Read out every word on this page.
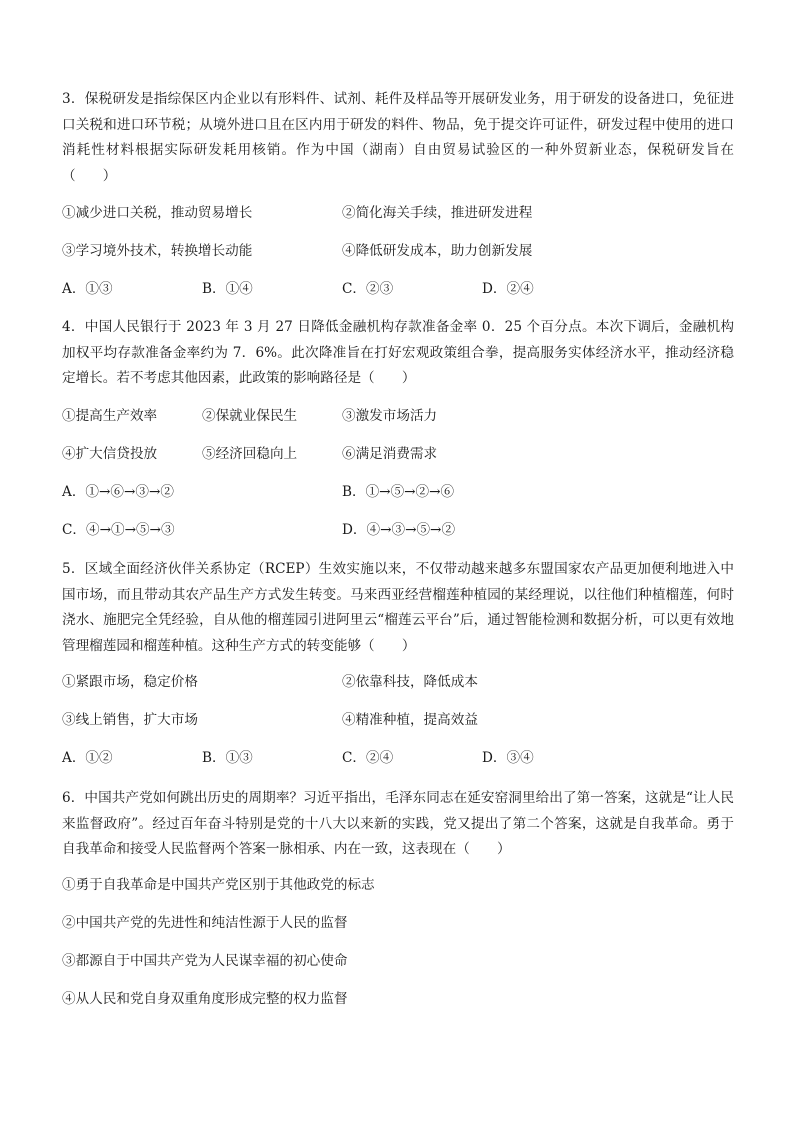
3．保税研发是指综保区内企业以有形料件、试剂、耗件及样品等开展研发业务，用于研发的设备进口，免征进口关税和进口环节税；从境外进口且在区内用于研发的料件、物品，免于提交许可证件，研发过程中使用的进口消耗性材料根据实际研发耗用核销。作为中国（湖南）自由贸易试验区的一种外贸新业态，保税研发旨在（　　）
①减少进口关税，推动贸易增长	②简化海关手续，推进研发进程
③学习境外技术，转换增长动能	④降低研发成本，助力创新发展
A．①③	B．①④	C．②③	D．②④
4．中国人民银行于 2023 年 3 月 27 日降低金融机构存款准备金率 0．25 个百分点。本次下调后，金融机构加权平均存款准备金率约为 7．6%。此次降准旨在打好宏观政策组合拳，提高服务实体经济水平，推动经济稳定增长。若不考虑其他因素，此政策的影响路径是（　　）
①提高生产效率	②保就业保民生	③激发市场活力
④扩大信贷投放	⑤经济回稳向上	⑥满足消费需求
A．①→⑥→③→②	B．①→⑤→②→⑥
C．④→①→⑤→③	D．④→③→⑤→②
5．区域全面经济伙伴关系协定（RCEP）生效实施以来，不仅带动越来越多东盟国家农产品更加便利地进入中国市场，而且带动其农产品生产方式发生转变。马来西亚经营榴莲种植园的某经理说，以往他们种植榴莲，何时浇水、施肥完全凭经验，自从他的榴莲园引进阿里云“榴莲云平台”后，通过智能检测和数据分析，可以更有效地管理榴莲园和榴莲种植。这种生产方式的转变能够（　　）
①紧跟市场，稳定价格	②依靠科技，降低成本
③线上销售，扩大市场	④精准种植，提高效益
A．①②	B．①③	C．②④	D．③④
6．中国共产党如何跳出历史的周期率？习近平指出，毛泽东同志在延安窑洞里给出了第一答案，这就是“让人民来监督政府”。经过百年奋斗特别是党的十八大以来新的实践，党又提出了第二个答案，这就是自我革命。勇于自我革命和接受人民监督两个答案一脉相承、内在一致，这表现在（　　）
①勇于自我革命是中国共产党区别于其他政党的标志
②中国共产党的先进性和纯洁性源于人民的监督
③都源自于中国共产党为人民谋幸福的初心使命
④从人民和党自身双重角度形成完整的权力监督
